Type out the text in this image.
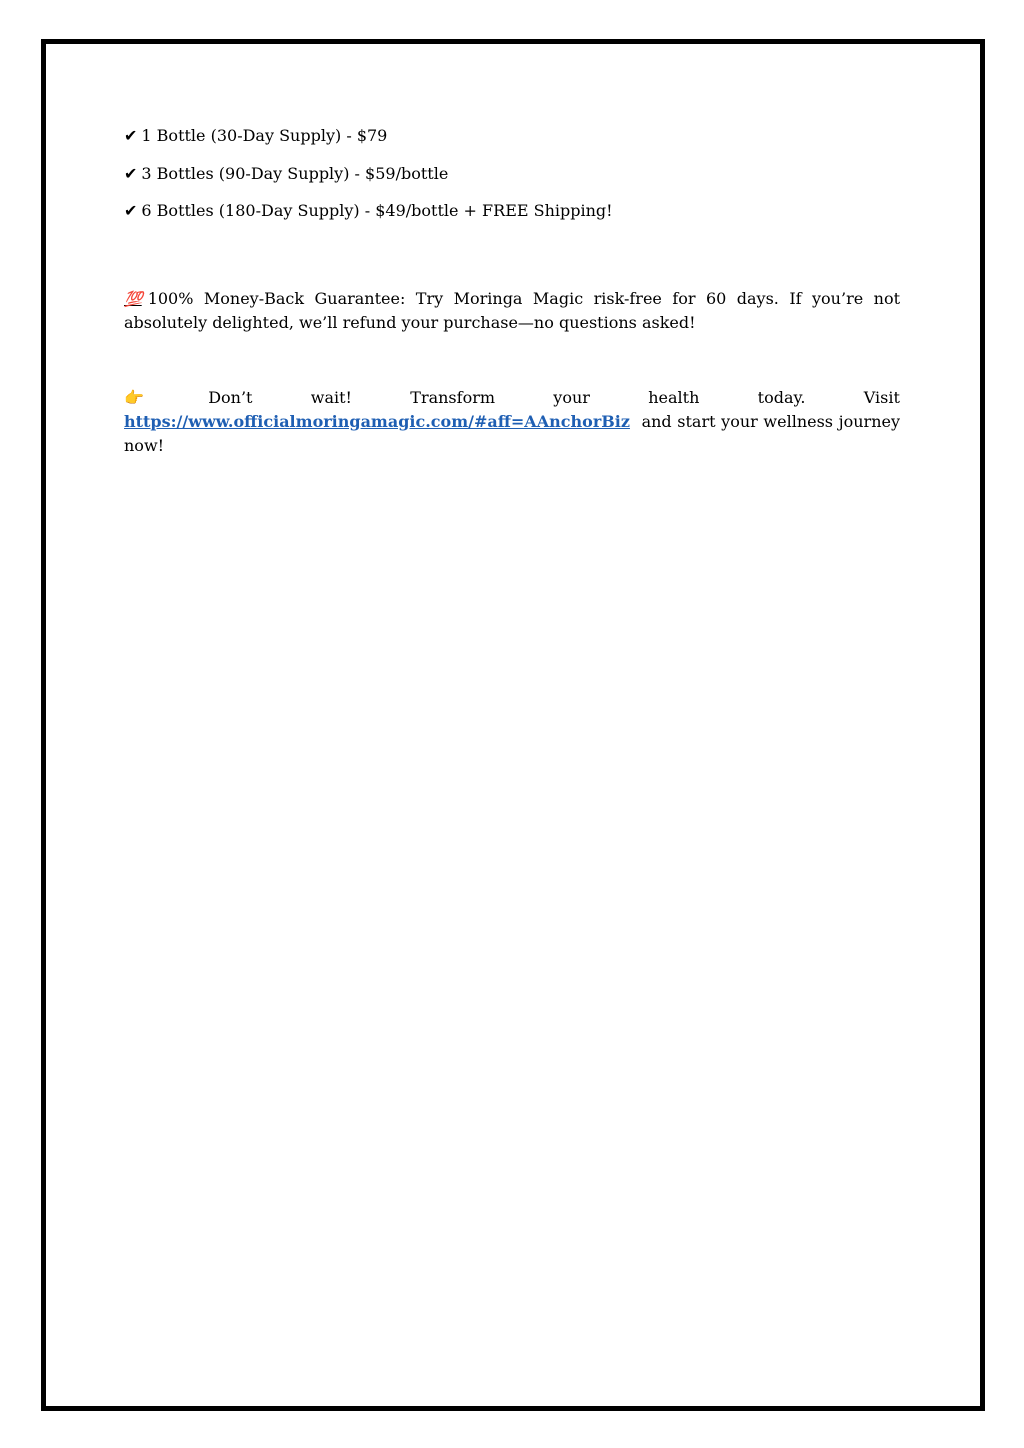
✔ 1 Bottle (30-Day Supply) - $79
✔ 3 Bottles (90-Day Supply) - $59/bottle
✔ 6 Bottles (180-Day Supply) - $49/bottle + FREE Shipping!

💯 100% Money-Back Guarantee: Try Moringa Magic risk-free for 60 days. If you’re not absolutely delighted, we’ll refund your purchase—no questions asked!

👉	Don’t	wait!	Transform	your	health	today.	Visit

https://www.officialmoringamagic.com/#aff=AAnchorBiz and start your wellness journey now!
